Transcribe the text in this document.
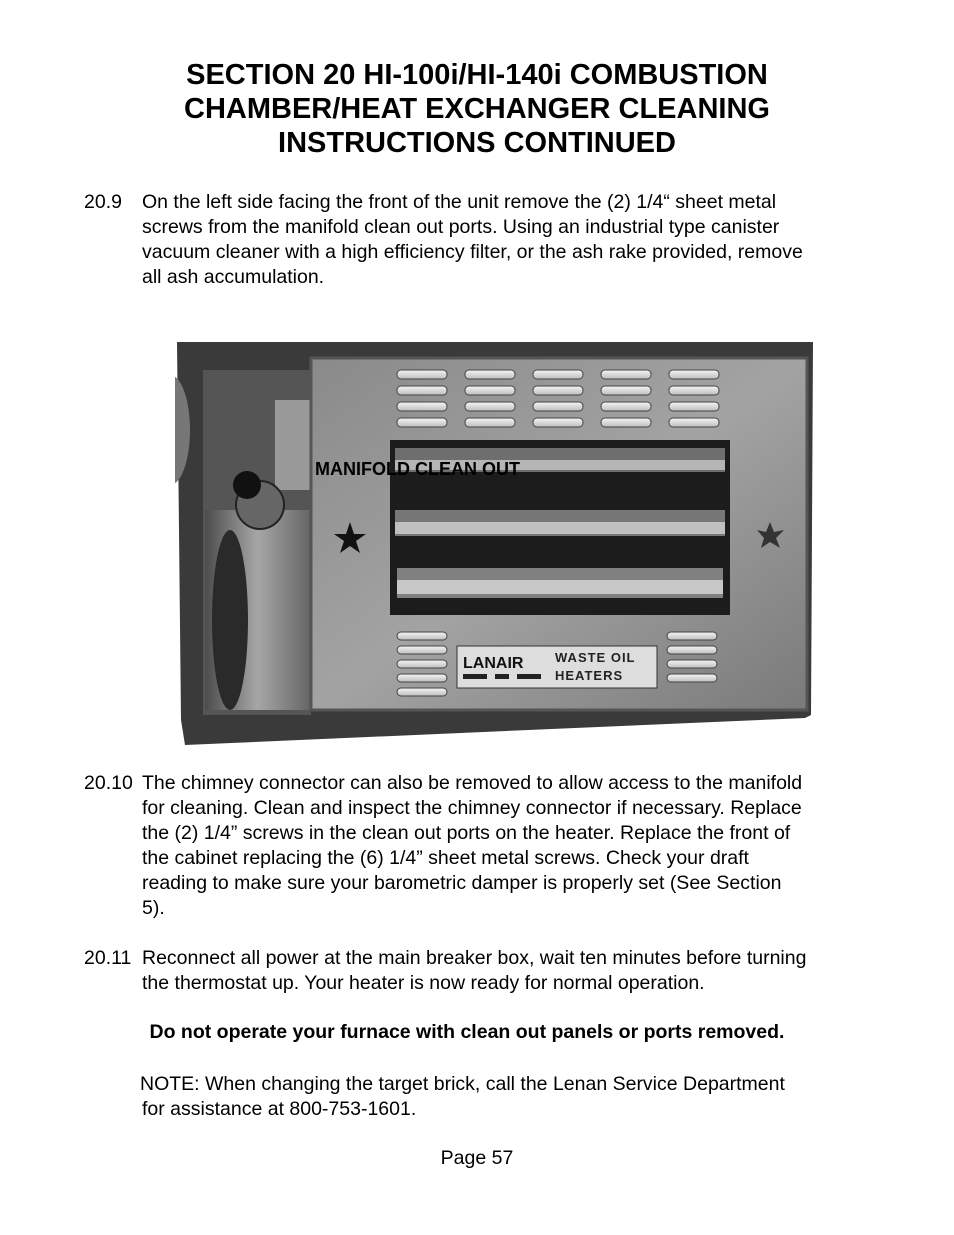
SECTION 20 HI-100i/HI-140i COMBUSTION
CHAMBER/HEAT EXCHANGER CLEANING
INSTRUCTIONS CONTINUED
20.9 On the left side facing the front of the unit remove the (2) 1/4“ sheet metal
screws from the manifold clean out ports. Using an industrial type canister
vacuum cleaner with a high efficiency filter, or the ash rake provided, remove
all ash accumulation.
LANAIR WASTE OIL
HEATERS
MANIFOLD CLEAN OUT
20.10 The chimney connector can also be removed to allow access to the manifold
for cleaning. Clean and inspect the chimney connector if necessary. Replace
the (2) 1/4” screws in the clean out ports on the heater. Replace the front of
the cabinet replacing the (6) 1/4” sheet metal screws. Check your draft
reading to make sure your barometric damper is properly set (See Section
5).
20.11 Reconnect all power at the main breaker box, wait ten minutes before turning
the thermostat up. Your heater is now ready for normal operation.
Do not operate your furnace with clean out panels or ports removed.
NOTE: When changing the target brick, call the Lenan Service Department
for assistance at 800-753-1601.
Page 57
